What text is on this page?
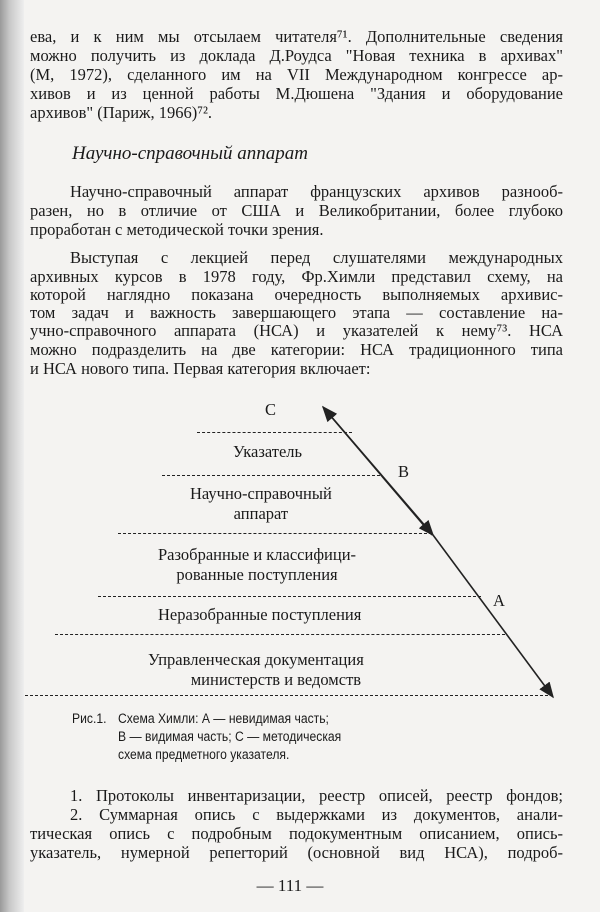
ева, и к ним мы отсылаем читателя⁷¹. Дополнительные сведения
можно получить из доклада Д.Роудса "Новая техника в архивах"
(М, 1972), сделанного им на VII Международном конгрессе ар-
хивов и из ценной работы М.Дюшена "Здания и оборудование
архивов" (Париж, 1966)⁷².
Научно-справочный аппарат
Научно-справочный аппарат французских архивов разнооб-
разен, но в отличие от США и Великобритании, более глубоко
проработан с методической точки зрения.
Выступая с лекцией перед слушателями международных
архивных курсов в 1978 году, Фр.Химли представил схему, на
которой наглядно показана очередность выполняемых архивис-
том задач и важность завершающего этапа — составление на-
учно-справочного аппарата (НСА) и указателей к нему⁷³. НСА
можно подразделить на две категории: НСА традиционного типа
и НСА нового типа. Первая категория включает:
С
Указатель
В
Научно-справочный
аппарат
Разобранные и классифици-
рованные поступления
А
Неразобранные поступления
Управленческая документация
министерств и ведомств
Рис.1. Схема Химли: А — невидимая часть;
В — видимая часть; С — методическая
схема предметного указателя.
1. Протоколы инвентаризации, реестр описей, реестр фондов;
2. Суммарная опись с выдержками из документов, анали-
тическая опись с подробным подокументным описанием, опись-
указатель, нумерной репerторий (основной вид НСА), подроб-
— 111 —
